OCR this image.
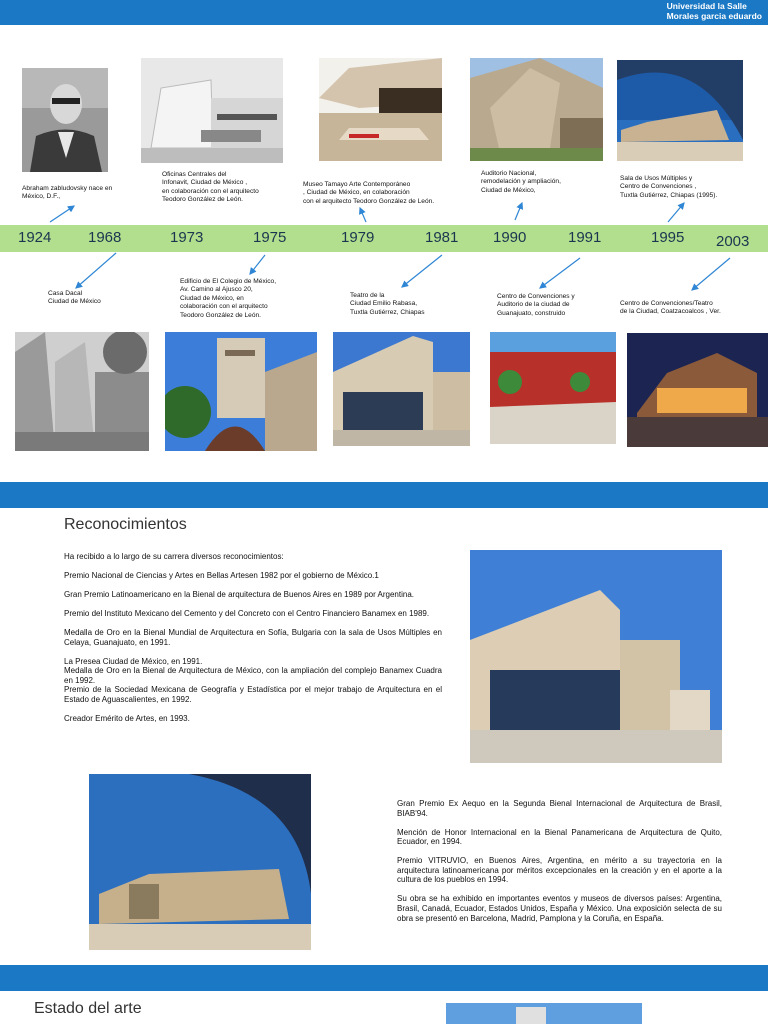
Universidad la Salle
Morales garcia eduardo
Abraham zabludovsky nace en
México, D.F.,
Oficinas Centrales del
Infonavit, Ciudad de México ,
en colaboración con el arquitecto
Teodoro González de León.
Museo Tamayo Arte Contemporáneo
, Ciudad de México, en colaboración
con el arquitecto Teodoro González de León.
Auditorio Nacional,
remodelación y ampliación,
Ciudad de México,
Sala de Usos Múltiples y
Centro de Convenciones ,
Tuxtla Gutiérrez, Chiapas (1995).
1924 1968	1973	1975	1979	1981 1990	1991	1995 2003
Casa Dacal
Ciudad de México
Edificio de El Colegio de México,
Av. Camino al Ajusco 20,
Ciudad de México, en
colaboración con el arquitecto
Teodoro González de León.
Teatro de la
Ciudad Emilio Rabasa,
Tuxtla Gutiérrez, Chiapas
Centro de Convenciones y
Auditorio de la ciudad de
Guanajuato, construido
Centro de Convenciones/Teatro
de la Ciudad, Coatzacoalcos , Ver.
Reconocimientos
Ha recibido a lo largo de su carrera diversos reconocimientos:
Premio Nacional de Ciencias y Artes en Bellas Artesen 1982 por el gobierno de México.1
Gran Premio Latinoamericano en la Bienal de arquitectura de Buenos Aires en 1989 por Argentina.
Premio del Instituto Mexicano del Cemento y del Concreto con el Centro Financiero Banamex en 1989.
Medalla de Oro en la Bienal Mundial de Arquitectura en Sofía, Bulgaria con la sala de Usos Múltiples en Celaya, Guanajuato, en 1991.
La Presea Ciudad de México, en 1991.
Medalla de Oro en la Bienal de Arquitectura de México, con la ampliación del complejo Banamex Cuadra en 1992.
Premio de la Sociedad Mexicana de Geografía y Estadística por el mejor trabajo de Arquitectura en el Estado de Aguascalientes, en 1992.
Creador Emérito de Artes, en 1993.
Gran Premio Ex Aequo en la Segunda Bienal Internacional de Arquitectura de Brasil, BIAB'94.
Mención de Honor Internacional en la Bienal Panamericana de Arquitectura de Quito, Ecuador, en 1994.
Premio VITRUVIO, en Buenos Aires, Argentina, en mérito a su trayectoria en la arquitectura latinoamericana por méritos excepcionales en la creación y en el aporte a la cultura de los pueblos en 1994.
Su obra se ha exhibido en importantes eventos y museos de diversos países: Argentina, Brasil, Canadá, Ecuador, Estados Unidos, España y México. Una exposición selecta de su obra se presentó en Barcelona, Madrid, Pamplona y la Coruña, en España.
Estado del arte
